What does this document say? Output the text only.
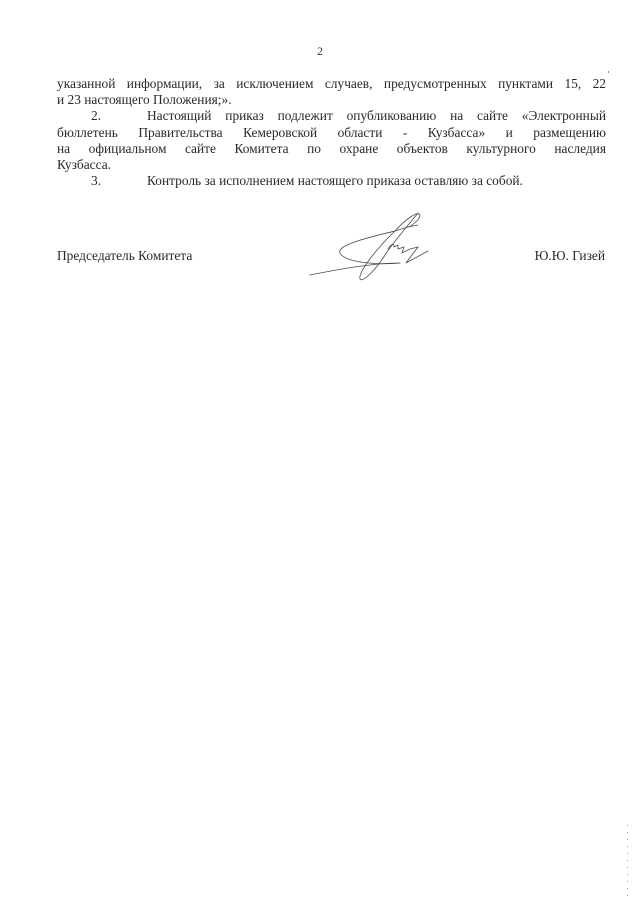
2

указанной информации, за исключением случаев, предусмотренных пунктами 15, 22

и 23 настоящего Положения;».

2.	Настоящий приказ подлежит опубликованию на сайте «Электронный

бюллетень Правительства Кемеровской области - Кузбасса» и размещению

на официальном сайте Комитета по охране объектов культурного наследия

Кузбасса.

3.	Контроль за исполнением настоящего приказа оставляю за собой.

Председатель Комитета	Ю.Ю. Гизей
